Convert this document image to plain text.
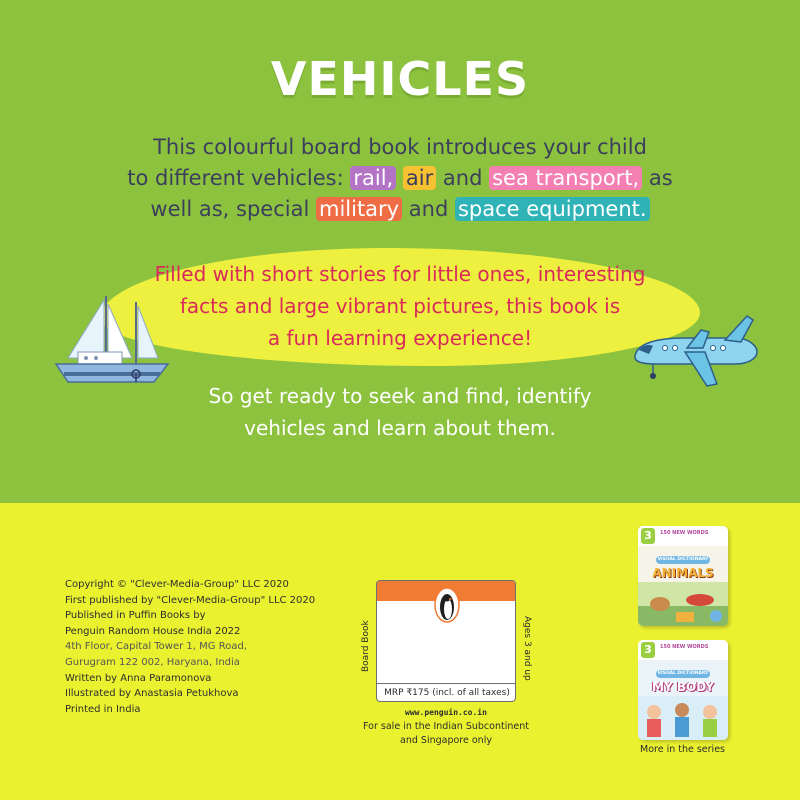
VEHICLES
This colourful board book introduces your child
to different vehicles: rail, air and sea transport, as
well as, special military and space equipment.
Filled with short stories for little ones, interesting
facts and large vibrant pictures, this book is
a fun learning experience!
So get ready to seek and find, identify
vehicles and learn about them.
Copyright © "Clever-Media-Group" LLC 2020
First published by "Clever-Media-Group" LLC 2020
Published in Puffin Books by
Penguin Random House India 2022
4th Floor, Capital Tower 1, MG Road,
Gurugram 122 002, Haryana, India
Written by Anna Paramonova
Illustrated by Anastasia Petukhova
Printed in India
MRP ₹175 (incl. of all taxes)
Board Book	Ages 3 and up
www.penguin.co.in
For sale in the Indian Subcontinent
and Singapore only
3	150 NEW WORDS
VISUAL DICTIONARY
ANIMALS
3	150 NEW WORDS
VISUAL DICTIONARY
MY BODY
More in the series
